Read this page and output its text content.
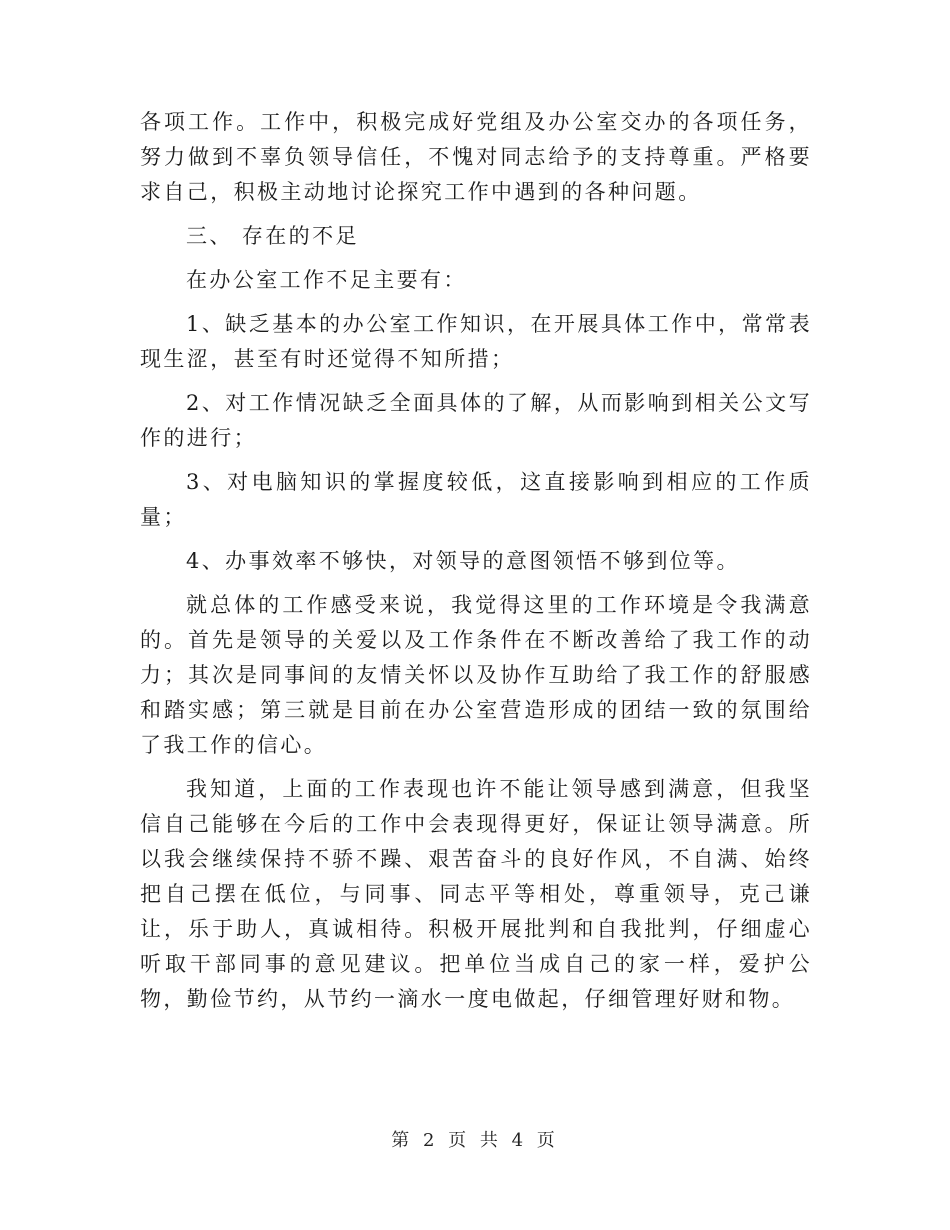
各项工作。工作中，积极完成好党组及办公室交办的各项任务，努力做到不辜负领导信任，不愧对同志给予的支持尊重。严格要求自己，积极主动地讨论探究工作中遇到的各种问题。

三、 存在的不足

在办公室工作不足主要有：

1、缺乏基本的办公室工作知识，在开展具体工作中，常常表现生涩，甚至有时还觉得不知所措；

2、对工作情况缺乏全面具体的了解，从而影响到相关公文写作的进行；

3、对电脑知识的掌握度较低，这直接影响到相应的工作质量；

4、办事效率不够快，对领导的意图领悟不够到位等。

就总体的工作感受来说，我觉得这里的工作环境是令我满意的。首先是领导的关爱以及工作条件在不断改善给了我工作的动力；其次是同事间的友情关怀以及协作互助给了我工作的舒服感和踏实感；第三就是目前在办公室营造形成的团结一致的氛围给了我工作的信心。

我知道，上面的工作表现也许不能让领导感到满意，但我坚信自己能够在今后的工作中会表现得更好，保证让领导满意。所以我会继续保持不骄不躁、艰苦奋斗的良好作风，不自满、始终把自己摆在低位，与同事、同志平等相处，尊重领导，克己谦让，乐于助人，真诚相待。积极开展批判和自我批判，仔细虚心听取干部同事的意见建议。把单位当成自己的家一样，爱护公物，勤俭节约，从节约一滴水一度电做起，仔细管理好财和物。

第 2 页 共 4 页
